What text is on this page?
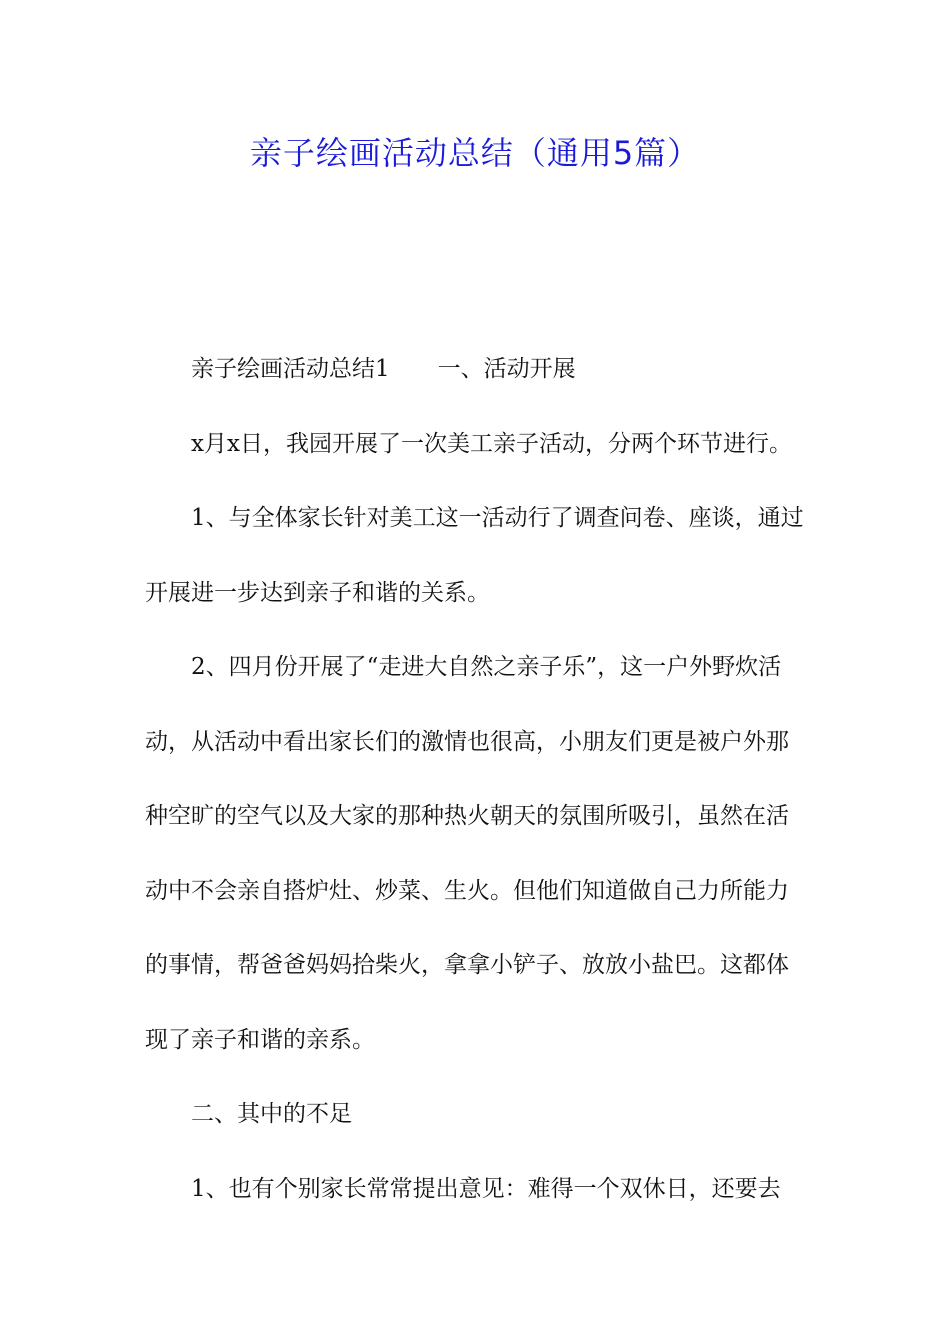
亲子绘画活动总结（通用5篇）

亲子绘画活动总结1 一、活动开展

x月x日，我园开展了一次美工亲子活动，分两个环节进行。

1、与全体家长针对美工这一活动行了调查问卷、座谈，通过开展进一步达到亲子和谐的关系。

2、四月份开展了“走进大自然之亲子乐”，这一户外野炊活动，从活动中看出家长们的激情也很高，小朋友们更是被户外那种空旷的空气以及大家的那种热火朝天的氛围所吸引，虽然在活动中不会亲自搭炉灶、炒菜、生火。但他们知道做自己力所能力的事情，帮爸爸妈妈拾柴火，拿拿小铲子、放放小盐巴。这都体现了亲子和谐的亲系。

二、其中的不足

1、也有个别家长常常提出意见：难得一个双休日，还要去
